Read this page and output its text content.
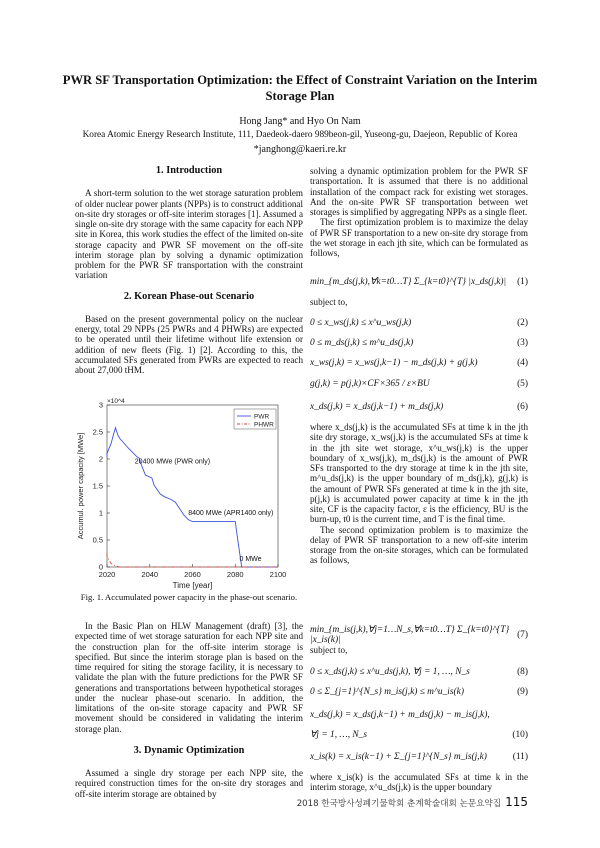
PWR SF Transportation Optimization: the Effect of Constraint Variation on the Interim Storage Plan
Hong Jang* and Hyo On Nam
Korea Atomic Energy Research Institute, 111, Daedeok-daero 989beon-gil, Yuseong-gu, Daejeon, Republic of Korea
*janghong@kaeri.re.kr
1. Introduction

A short-term solution to the wet storage saturation problem of older nuclear power plants (NPPs) is to construct additional on-site dry storages or off-site interim storages [1]. Assumed a single on-site dry storage with the same capacity for each NPP site in Korea, this work studies the effect of the limited on-site storage capacity and PWR SF movement on the off-site interim storage plan by solving a dynamic optimization problem for the PWR SF transportation with the constraint variation

2. Korean Phase-out Scenario

Based on the present governmental policy on the nuclear energy, total 29 NPPs (25 PWRs and 4 PHWRs) are expected to be operated until their lifetime without life extension or addition of new fleets (Fig. 1) [2]. According to this, the accumulated SFs generated from PWRs are expected to reach about 27,000 tHM.

2020	2040	2060	2080	2100
0
0.5
1
1.5
2
2.5
3 ×10^4
Time [year]
Accumul. power capacity [MWe]
PWR
PHWR
20400 MWe (PWR only)
8400 MWe (APR1400 only)
0 MWe
Fig. 1. Accumulated power capacity in the phase-out scenario.

In the Basic Plan on HLW Management (draft) [3], the expected time of wet storage saturation for each NPP site and the construction plan for the off-site interim storage is specified. But since the interim storage plan is based on the time required for siting the storage facility, it is necessary to validate the plan with the future predictions for the PWR SF generations and transportations between hypothetical storages under the nuclear phase-out scenario. In addition, the limitations of the on-site storage capacity and PWR SF movement should be considered in validating the interim storage plan.

3. Dynamic Optimization

Assumed a single dry storage per each NPP site, the required construction times for the on-site dry storages and off-site interim storage are obtained by

solving a dynamic optimization problem for the PWR SF transportation. It is assumed that there is no additional installation of the compact rack for existing wet storages. And the on-site PWR SF transportation between wet storages is simplified by aggregating NPPs as a single fleet.

The first optimization problem is to maximize the delay of PWR SF transportation to a new on-site dry storage from the wet storage in each jth site, which can be formulated as follows,

min_{m_ds(j,k),∀k=t0…T} Σ_{k=t0}^{T} |x_ds(j,k)| (1)
subject to,
0 ≤ x_ws(j,k) ≤ x^u_ws(j,k)	(2)
0 ≤ m_ds(j,k) ≤ m^u_ds(j,k)	(3)
x_ws(j,k) = x_ws(j,k−1) − m_ds(j,k) + g(j,k)	(4)
g(j,k) = p(j,k)×CF×365 / ε×BU	(5)
x_ds(j,k) = x_ds(j,k−1) + m_ds(j,k)	(6)

where x_ds(j,k) is the accumulated SFs at time k in the jth site dry storage, x_ws(j,k) is the accumulated SFs at time k in the jth site wet storage, x^u_ws(j,k) is the upper boundary of x_ws(j,k), m_ds(j,k) is the amount of PWR SFs transported to the dry storage at time k in the jth site, m^u_ds(j,k) is the upper boundary of m_ds(j,k), g(j,k) is the amount of PWR SFs generated at time k in the jth site, p(j,k) is accumulated power capacity at time k in the jth site, CF is the capacity factor, ε is the efficiency, BU is the burn-up, t0 is the current time, and T is the final time.

The second optimization problem is to maximize the delay of PWR SF transportation to a new off-site interim storage from the on-site storages, which can be formulated as follows,

min_{m_is(j,k),∀j=1…N_s,∀k=t0…T} Σ_{k=t0}^{T} |x_is(k)|
(7)
subject to,
0 ≤ x_ds(j,k) ≤ x^u_ds(j,k), ∀j = 1, …, N_s	(8)
0 ≤ Σ_{j=1}^{N_s} m_is(j,k) ≤ m^u_is(k)	(9)
x_ds(j,k) = x_ds(j,k−1) + m_ds(j,k) − m_is(j,k),
∀j = 1, …, N_s	(10)
x_is(k) = x_is(k−1) + Σ_{j=1}^{N_s} m_is(j,k)	(11)

where x_is(k) is the accumulated SFs at time k in the interim storage, x^u_ds(j,k) is the upper boundary

2018 한국방사성폐기물학회 춘계학술대회 논문요약집 115
